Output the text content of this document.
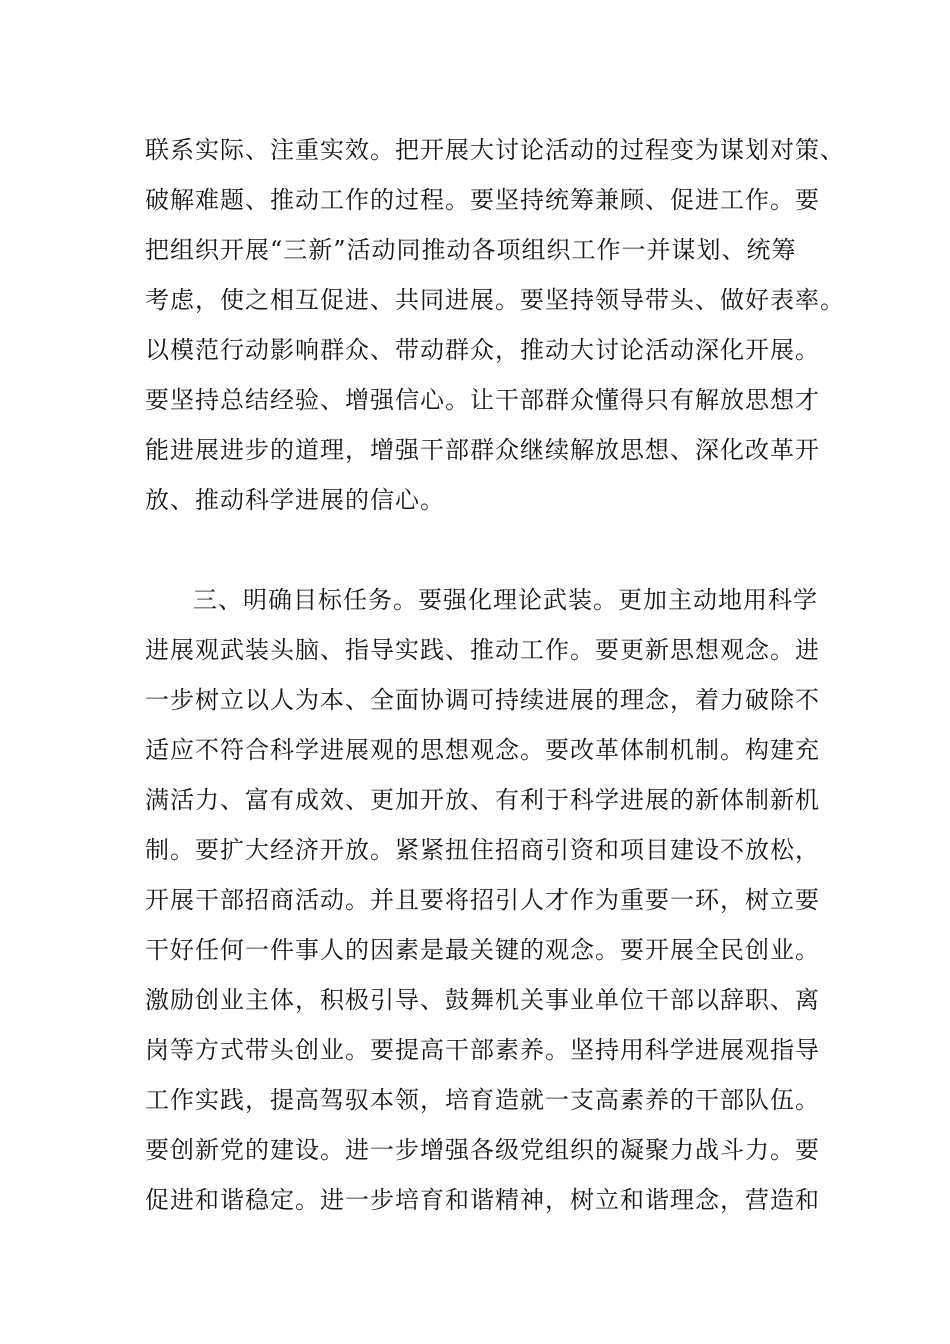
联系实际、注重实效。把开展大讨论活动的过程变为谋划对策、
破解难题、推动工作的过程。要坚持统筹兼顾、促进工作。要
把组织开展“三新”活动同推动各项组织工作一并谋划、统筹
考虑，使之相互促进、共同进展。要坚持领导带头、做好表率。
以模范行动影响群众、带动群众，推动大讨论活动深化开展。
要坚持总结经验、增强信心。让干部群众懂得只有解放思想才
能进展进步的道理，增强干部群众继续解放思想、深化改革开
放、推动科学进展的信心。

三、明确目标任务。要强化理论武装。更加主动地用科学
进展观武装头脑、指导实践、推动工作。要更新思想观念。进
一步树立以人为本、全面协调可持续进展的理念，着力破除不
适应不符合科学进展观的思想观念。要改革体制机制。构建充
满活力、富有成效、更加开放、有利于科学进展的新体制新机
制。要扩大经济开放。紧紧扭住招商引资和项目建设不放松，
开展干部招商活动。并且要将招引人才作为重要一环，树立要
干好任何一件事人的因素是最关键的观念。要开展全民创业。
激励创业主体，积极引导、鼓舞机关事业单位干部以辞职、离
岗等方式带头创业。要提高干部素养。坚持用科学进展观指导
工作实践，提高驾驭本领，培育造就一支高素养的干部队伍。
要创新党的建设。进一步增强各级党组织的凝聚力战斗力。要
促进和谐稳定。进一步培育和谐精神，树立和谐理念，营造和
